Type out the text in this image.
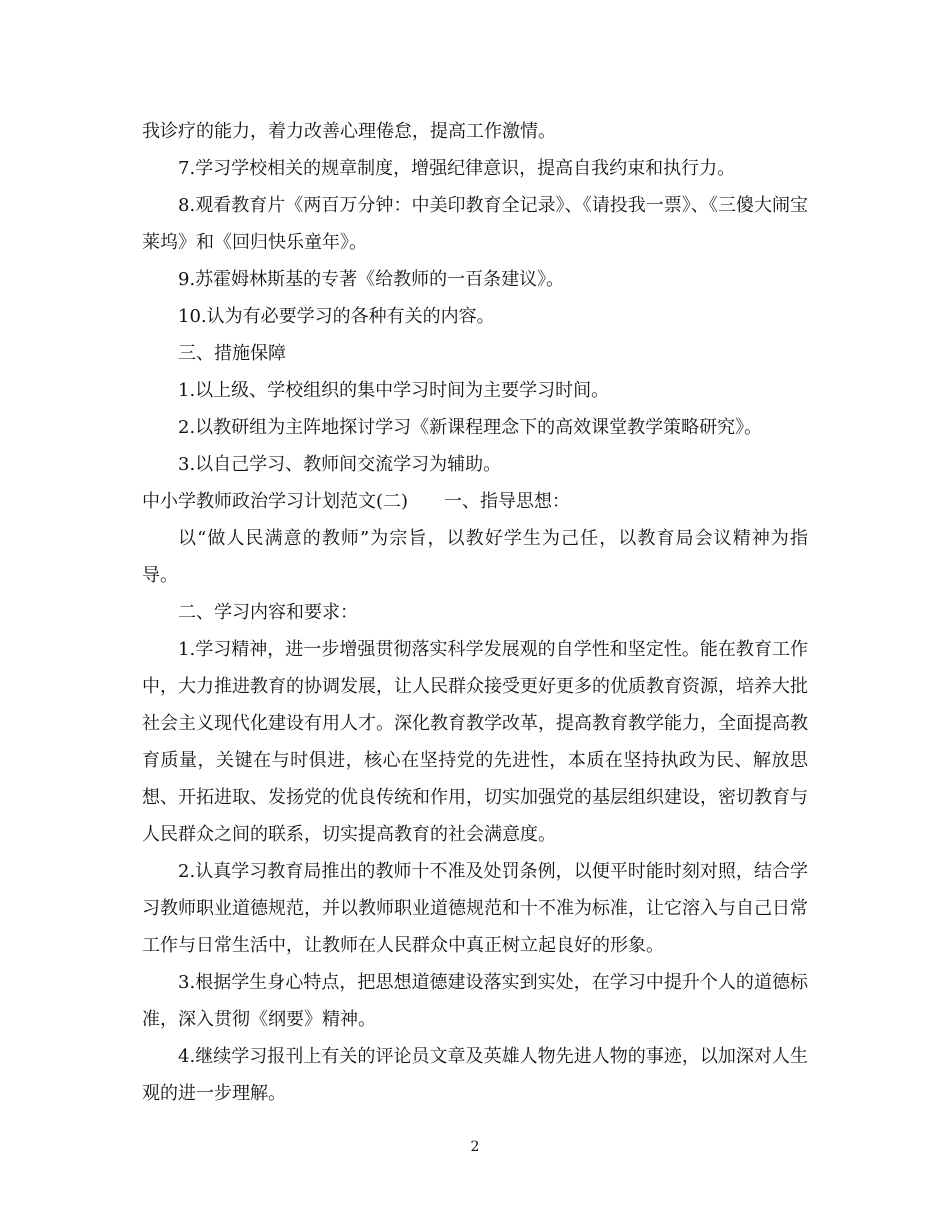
我诊疗的能力，着力改善心理倦怠，提高工作激情。

7.学习学校相关的规章制度，增强纪律意识，提高自我约束和执行力。

8.观看教育片《两百万分钟：中美印教育全记录》、《请投我一票》、《三傻大闹宝莱坞》和《回归快乐童年》。

9.苏霍姆林斯基的专著《给教师的一百条建议》。

10.认为有必要学习的各种有关的内容。

三、措施保障

1.以上级、学校组织的集中学习时间为主要学习时间。

2.以教研组为主阵地探讨学习《新课程理念下的高效课堂教学策略研究》。

3.以自己学习、教师间交流学习为辅助。

中小学教师政治学习计划范文(二)　　一、指导思想：

以“做人民满意的教师”为宗旨，以教好学生为己任，以教育局会议精神为指导。

二、学习内容和要求：

1.学习精神，进一步增强贯彻落实科学发展观的自学性和坚定性。能在教育工作中，大力推进教育的协调发展，让人民群众接受更好更多的优质教育资源，培养大批社会主义现代化建设有用人才。深化教育教学改革，提高教育教学能力，全面提高教育质量，关键在与时俱进，核心在坚持党的先进性，本质在坚持执政为民、解放思想、开拓进取、发扬党的优良传统和作用，切实加强党的基层组织建设，密切教育与人民群众之间的联系，切实提高教育的社会满意度。

2.认真学习教育局推出的教师十不准及处罚条例，以便平时能时刻对照，结合学习教师职业道德规范，并以教师职业道德规范和十不准为标准，让它溶入与自己日常工作与日常生活中，让教师在人民群众中真正树立起良好的形象。

3.根据学生身心特点，把思想道德建设落实到实处，在学习中提升个人的道德标准，深入贯彻《纲要》精神。

4.继续学习报刊上有关的评论员文章及英雄人物先进人物的事迹，以加深对人生观的进一步理解。

2
